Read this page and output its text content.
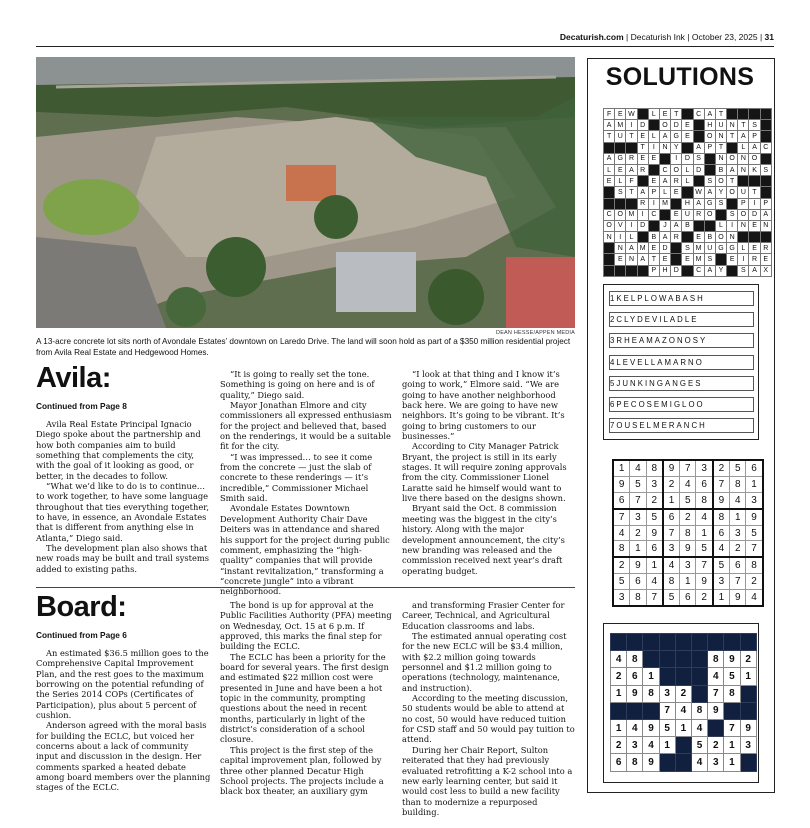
Decaturish.com | Decaturish Ink | October 23, 2025 | 31
DEAN HESSE/APPEN MEDIA
A 13-acre concrete lot sits north of Avondale Estates’ downtown on Laredo Drive. The land will soon hold as part of a $350 million residential project from Avila Real Estate and Hedgewood Homes.
Avila:
Continued from Page 8

Avila Real Estate Principal Ignacio Diego spoke about the partnership and how both companies aim to build something that complements the city, with the goal of it looking as good, or better, in the decades to follow.

“What we’d like to do is to continue… to work together, to have some language throughout that ties everything together, to have, in essence, an Avondale Estates that is different from anything else in Atlanta,” Diego said.

The development plan also shows that new roads may be built and trail systems added to existing paths.

“It is going to really set the tone. Something is going on here and is of quality,” Diego said.

Mayor Jonathan Elmore and city commissioners all expressed enthusiasm for the project and believed that, based on the renderings, it would be a suitable fit for the city.

“I was impressed… to see it come from the concrete — just the slab of concrete to these renderings — it’s incredible,” Commissioner Michael Smith said.

Avondale Estates Downtown Development Authority Chair Dave Deiters was in attendance and shared his support for the project during public comment, emphasizing the “high-quality” companies that will provide “instant revitalization,” transforming a “concrete jungle” into a vibrant neighborhood.

“I look at that thing and I know it’s going to work,” Elmore said. “We are going to have another neighborhood back here. We are going to have new neighbors. It’s going to be vibrant. It’s going to bring customers to our businesses.”

According to City Manager Patrick Bryant, the project is still in its early stages. It will require zoning approvals from the city. Commissioner Lionel Laratte said he himself would want to live there based on the designs shown.

Bryant said the Oct. 8 commission meeting was the biggest in the city’s history. Along with the major development announcement, the city’s new branding was released and the commission received next year’s draft operating budget.

Board:
Continued from Page 6

An estimated $36.5 million goes to the Comprehensive Capital Improvement Plan, and the rest goes to the maximum borrowing on the potential refunding of the Series 2014 COPs (Certificates of Participation), plus about 5 percent of cushion.

Anderson agreed with the moral basis for building the ECLC, but voiced her concerns about a lack of community input and discussion in the design. Her comments sparked a heated debate among board members over the planning stages of the ECLC.

The bond is up for approval at the Public Facilities Authority (PFA) meeting on Wednesday, Oct. 15 at 6 p.m. If approved, this marks the final step for building the ECLC.

The ECLC has been a priority for the board for several years. The first design and estimated $22 million cost were presented in June and have been a hot topic in the community, prompting questions about the need in recent months, particularly in light of the district’s consideration of a school closure.

This project is the first step of the capital improvement plan, followed by three other planned Decatur High School projects. The projects include a black box theater, an auxiliary gym

and transforming Frasier Center for Career, Technical, and Agricultural Education classrooms and labs.

The estimated annual operating cost for the new ECLC will be $3.4 million, with $2.2 million going towards personnel and $1.2 million going to operations (technology, maintenance, and instruction).

According to the meeting discussion, 50 students would be able to attend at no cost, 50 would have reduced tuition for CSD staff and 50 would pay tuition to attend.

During her Chair Report, Sulton reiterated that they had previously evaluated retrofitting a K-2 school into a new early learning center, but said it would cost less to build a new facility than to modernize a repurposed building.

SOLUTIONS
F	E	W		L	E	T		C	A	T				
A	M	I	D		O	D	E		H	U	N	T	S	
T	U	T	E	L	A	G	E		O	N	T	A	P	
			T	I	N	Y		A	P	T		L	A	C
A	G	R	E	E		I	D	S		N	O	N	O	
L	E	A	R		C	O	L	D		B	A	N	K	S
E	L	F		E	A	R	L		S	O	T			
	S	T	A	P	L	E		W	A	Y	O	U	T	
			R	I	M		H	A	G	S		P	I	P
C	O	M	I	C		E	U	R	O		S	O	D	A
O	V	I	D		J	A	B			L	I	N	E	N
N	I	L		B	A	R		E	B	O	N			
	N	A	M	E	D		S	M	U	G	G	L	E	R
	E	N	A	T	E		E	M	S		E	I	R	E
				P	H	D		C	A	Y		S	A	X
1KELPLOWABASH
2CLYDEVILADLE
3RHEAMAZONOSY
4LEVELLAMARNO
5JUNKINGANGES
6PECOSEMIGLOO
7OUSELMERANCH
1	4	8	9	7	3	2	5	6
9	5	3	2	4	6	7	8	1
6	7	2	1	5	8	9	4	3
7	3	5	6	2	4	8	1	9
4	2	9	7	8	1	6	3	5
8	1	6	3	9	5	4	2	7
2	9	1	4	3	7	5	6	8
5	6	4	8	1	9	3	7	2
3	8	7	5	6	2	1	9	4

4	8					8	9	2
2	6	1				4	5	1
1	9	8	3	2		7	8	
			7	4	8	9		
1	4	9	5	1	4		7	9
2	3	4	1		5	2	1	3
6	8	9			4	3	1	
